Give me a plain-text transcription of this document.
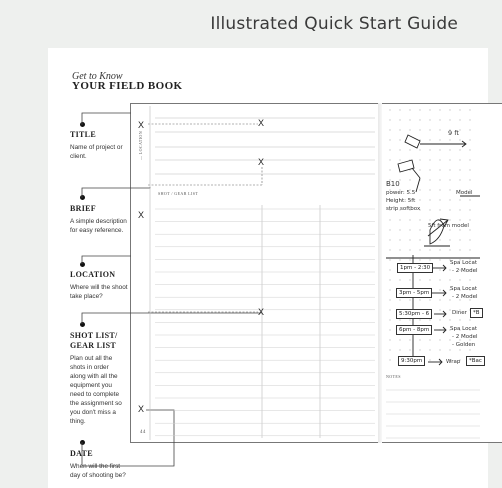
Illustrated Quick Start Guide
Get to Know
YOUR FIELD BOOK
TITLE

Name of project or client.

BRIEF

A simple description for easy reference.

LOCATION

Where will the shoot take place?

SHOT LIST/ GEAR LIST

Plan out all the shots in order along with all the equipment you need to complete the assignment so you don't miss a thing.

DATE

When will the first day of shooting be?

— LOCATION
SHOT / GEAR LIST
44
NOTES
X	X
X
X
X
X
9 ft
Model
B10
power: 5.5
Height: 5ft
strip softbox
5ft from model
1pm - 2:30
Spa Locat
- 2 Model
3pm - 5pm
Spa Locat
- 2 Model
5:30pm - 6	Diner	*B
6pm - 8pm	Spa Locat
- 2 Model
- Golden
9:30pm	Wrap	*Bac
